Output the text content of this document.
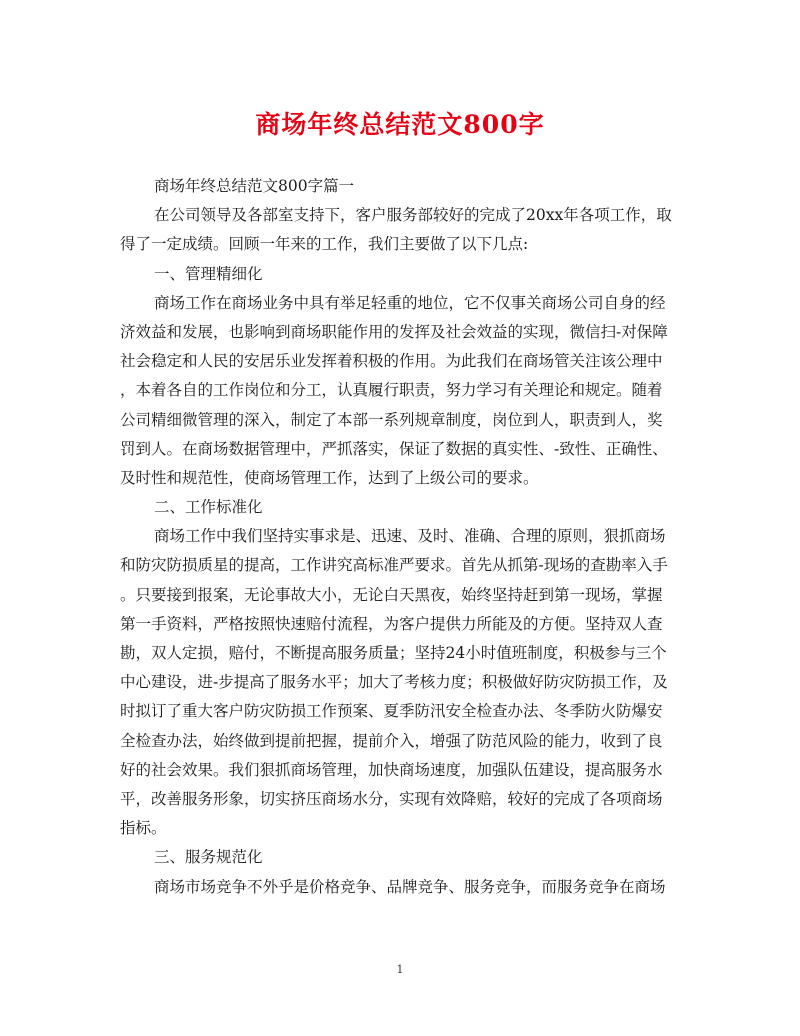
商场年终总结范文800字
商场年终总结范文800字篇一
在公司领导及各部室支持下，客户服务部较好的完成了20xx年各项工作，取
得了一定成绩。回顾一年来的工作，我们主要做了以下几点:
一、管理精细化
商场工作在商场业务中具有举足轻重的地位，它不仅事关商场公司自身的经
济效益和发展，也影响到商场职能作用的发挥及社会效益的实现，微信扫-对保障
社会稳定和人民的安居乐业发挥着积极的作用。为此我们在商场管关注该公理中
，本着各自的工作岗位和分工，认真履行职责，努力学习有关理论和规定。随着
公司精细微管理的深入，制定了本部一系列规章制度，岗位到人，职责到人，奖
罚到人。在商场数据管理中，严抓落实，保证了数据的真实性、-致性、正确性、
及时性和规范性，使商场管理工作，达到了上级公司的要求。
二、工作标准化
商场工作中我们坚持实事求是、迅速、及时、准确、合理的原则，狠抓商场
和防灾防损质星的提高，工作讲究高标准严要求。首先从抓第-现场的查勘率入手
。只要接到报案，无论事故大小，无论白天黑夜，始终坚持赶到第一现场，掌握
第一手资料，严格按照快速赔付流程，为客户提供力所能及的方便。坚持双人查
勘，双人定损，赔付，不断提高服务质量；坚持24小时值班制度，积极参与三个
中心建设，进-步提高了服务水平；加大了考核力度；积极做好防灾防损工作，及
时拟订了重大客户防灾防损工作预案、夏季防汛安全检查办法、冬季防火防爆安
全检查办法，始终做到提前把握，提前介入，增强了防范风险的能力，收到了良
好的社会效果。我们狠抓商场管理，加快商场速度，加强队伍建设，提高服务水
平，改善服务形象，切实挤压商场水分，实现有效降赔，较好的完成了各项商场
指标。
三、服务规范化
商场市场竞争不外乎是价格竞争、品牌竞争、服务竞争，而服务竞争在商场
1
